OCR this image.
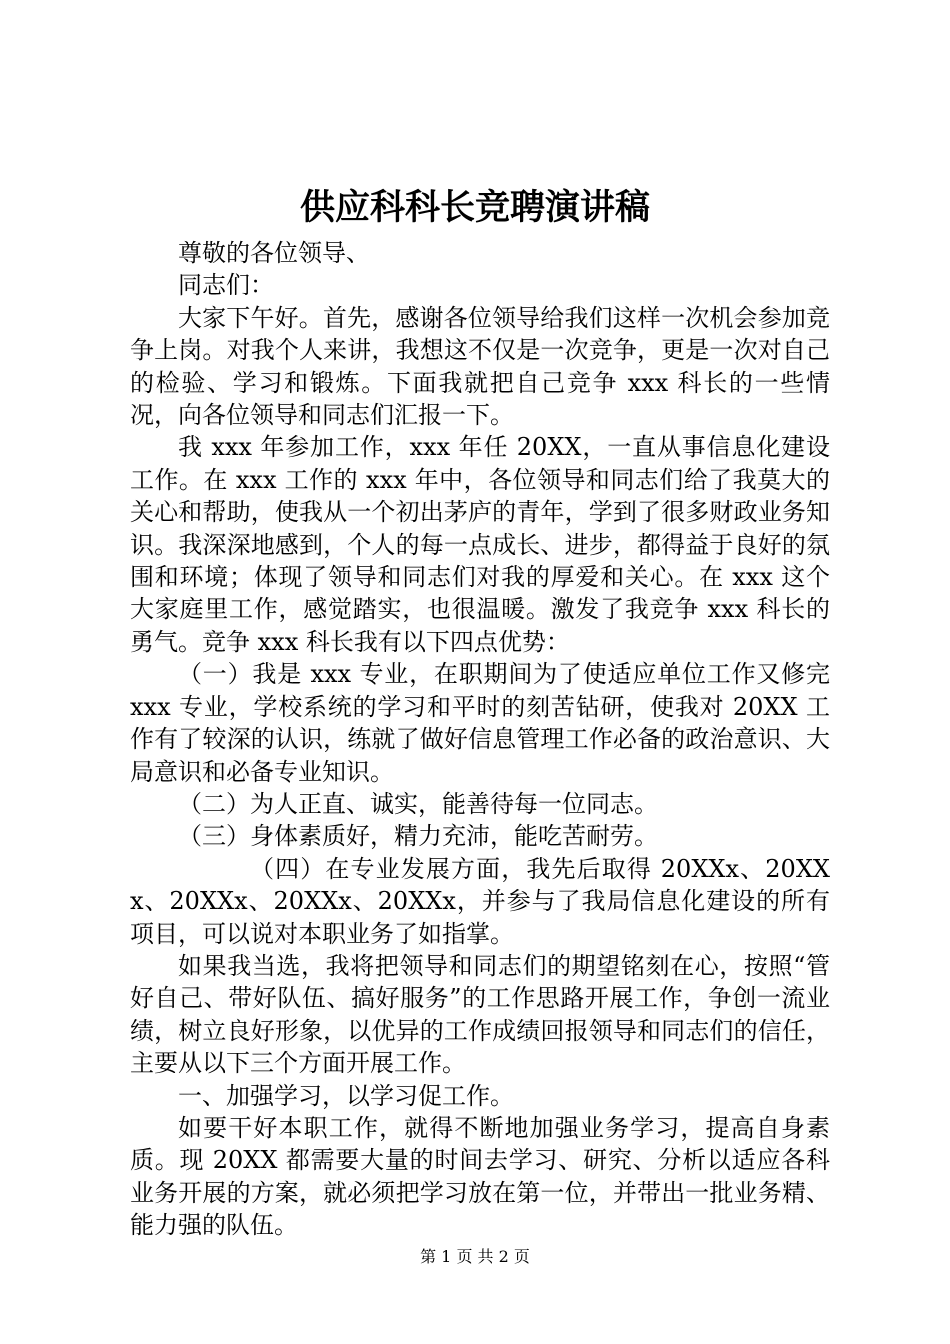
供应科科长竞聘演讲稿

尊敬的各位领导、

同志们：

大家下午好。首先，感谢各位领导给我们这样一次机会参加竞争上岗。对我个人来讲，我想这不仅是一次竞争，更是一次对自己的检验、学习和锻炼。下面我就把自己竞争 xxx 科长的一些情况，向各位领导和同志们汇报一下。

我 xxx 年参加工作，xxx 年任 20XX，一直从事信息化建设工作。在 xxx 工作的 xxx 年中，各位领导和同志们给了我莫大的关心和帮助，使我从一个初出茅庐的青年，学到了很多财政业务知识。我深深地感到，个人的每一点成长、进步，都得益于良好的氛围和环境；体现了领导和同志们对我的厚爱和关心。在 xxx 这个大家庭里工作，感觉踏实，也很温暖。激发了我竞争 xxx 科长的勇气。竞争 xxx 科长我有以下四点优势：

（一）我是 xxx 专业，在职期间为了使适应单位工作又修完 xxx 专业，学校系统的学习和平时的刻苦钻研，使我对 20XX 工作有了较深的认识，练就了做好信息管理工作必备的政治意识、大局意识和必备专业知识。

（二）为人正直、诚实，能善待每一位同志。

（三）身体素质好，精力充沛，能吃苦耐劳。

（四）在专业发展方面，我先后取得 20XXx、20XXx、20XXx、20XXx、20XXx，并参与了我局信息化建设的所有项目，可以说对本职业务了如指掌。

如果我当选，我将把领导和同志们的期望铭刻在心，按照“管好自己、带好队伍、搞好服务”的工作思路开展工作，争创一流业绩，树立良好形象，以优异的工作成绩回报领导和同志们的信任，主要从以下三个方面开展工作。

一、加强学习，以学习促工作。

如要干好本职工作，就得不断地加强业务学习，提高自身素质。现 20XX 都需要大量的时间去学习、研究、分析以适应各科业务开展的方案，就必须把学习放在第一位，并带出一批业务精、能力强的队伍。

第 1 页 共 2 页
